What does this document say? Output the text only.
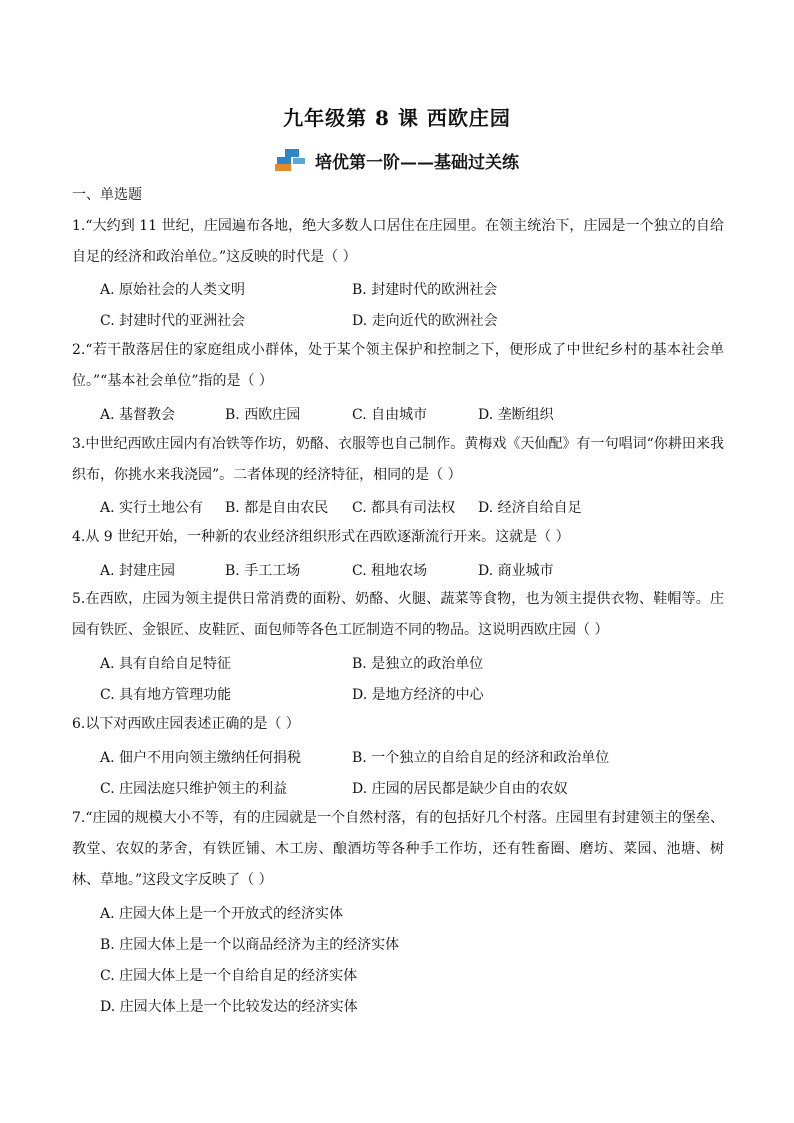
九年级第 8 课 西欧庄园
培优第一阶——基础过关练
一、单选题
1.“大约到 11 世纪，庄园遍布各地，绝大多数人口居住在庄园里。在领主统治下，庄园是一个独立的自给自足的经济和政治单位。”这反映的时代是（ ）
A. 原始社会的人类文明	B. 封建时代的欧洲社会
C. 封建时代的亚洲社会	D. 走向近代的欧洲社会
2.“若干散落居住的家庭组成小群体，处于某个领主保护和控制之下，便形成了中世纪乡村的基本社会单位。”“基本社会单位”指的是（ ）
A. 基督教会	B. 西欧庄园	C. 自由城市	D. 垄断组织
3.中世纪西欧庄园内有冶铁等作坊，奶酪、衣服等也自己制作。黄梅戏《天仙配》有一句唱词“你耕田来我织布，你挑水来我浇园”。二者体现的经济特征，相同的是（ ）
A. 实行土地公有 B. 都是自由农民 C. 都具有司法权 D. 经济自给自足
4.从 9 世纪开始，一种新的农业经济组织形式在西欧逐渐流行开来。这就是（ ）
A. 封建庄园	B. 手工工场	C. 租地农场	D. 商业城市
5.在西欧，庄园为领主提供日常消费的面粉、奶酪、火腿、蔬菜等食物，也为领主提供衣物、鞋帽等。庄园有铁匠、金银匠、皮鞋匠、面包师等各色工匠制造不同的物品。这说明西欧庄园（ ）
A. 具有自给自足特征	B. 是独立的政治单位
C. 具有地方管理功能	D. 是地方经济的中心
6.以下对西欧庄园表述正确的是（ ）
A. 佃户不用向领主缴纳任何捐税	B. 一个独立的自给自足的经济和政治单位
C. 庄园法庭只维护领主的利益	D. 庄园的居民都是缺少自由的农奴
7.“庄园的规模大小不等，有的庄园就是一个自然村落，有的包括好几个村落。庄园里有封建领主的堡垒、教堂、农奴的茅舍，有铁匠铺、木工房、酿酒坊等各种手工作坊，还有牲畜圈、磨坊、菜园、池塘、树林、草地。”这段文字反映了（ ）
A. 庄园大体上是一个开放式的经济实体
B. 庄园大体上是一个以商品经济为主的经济实体
C. 庄园大体上是一个自给自足的经济实体
D. 庄园大体上是一个比较发达的经济实体
